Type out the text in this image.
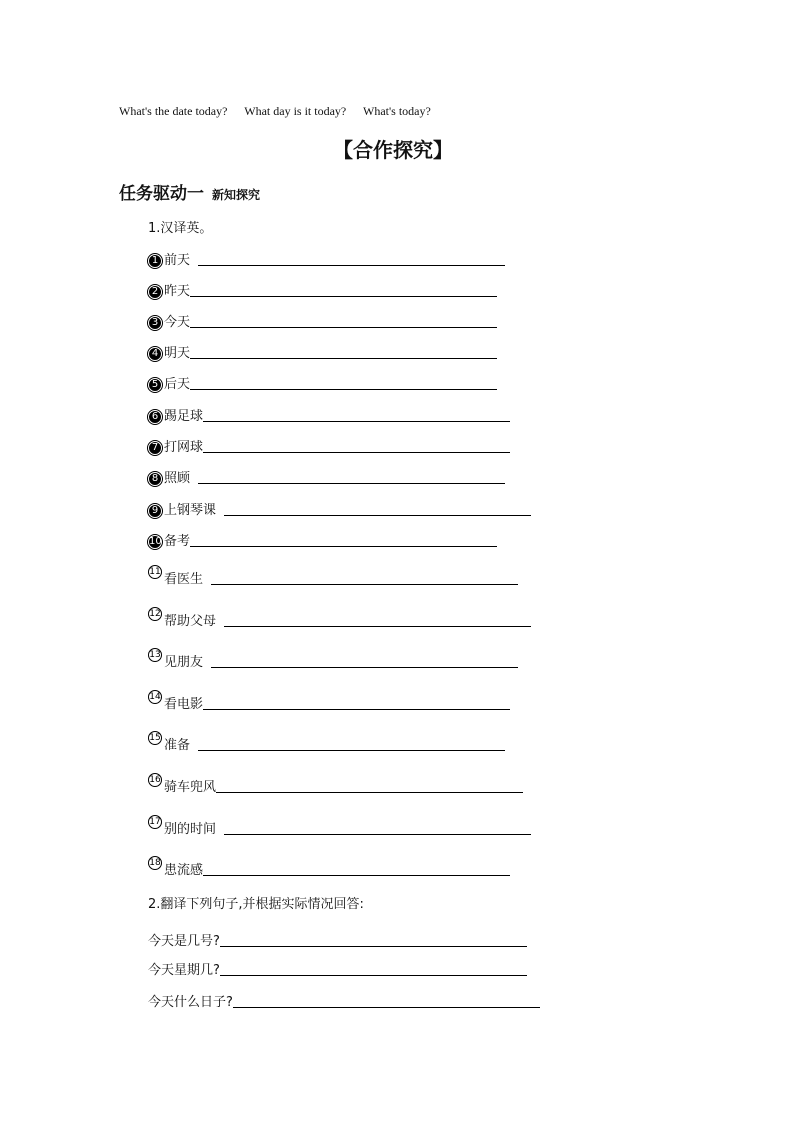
What's the date today? What day is it today? What's today?
【合作探究】
任务驱动一 新知探究
1.汉译英。
1 前天
2 昨天
3 今天
4 明天
5 后天
6 踢足球
7 打网球
8 照顾
9 上钢琴课
10 备考
11 看医生
12 帮助父母
13 见朋友
14 看电影
15 准备
16 骑车兜风
17 别的时间
18 患流感
2.翻译下列句子,并根据实际情况回答:
今天是几号?
今天星期几?
今天什么日子?
